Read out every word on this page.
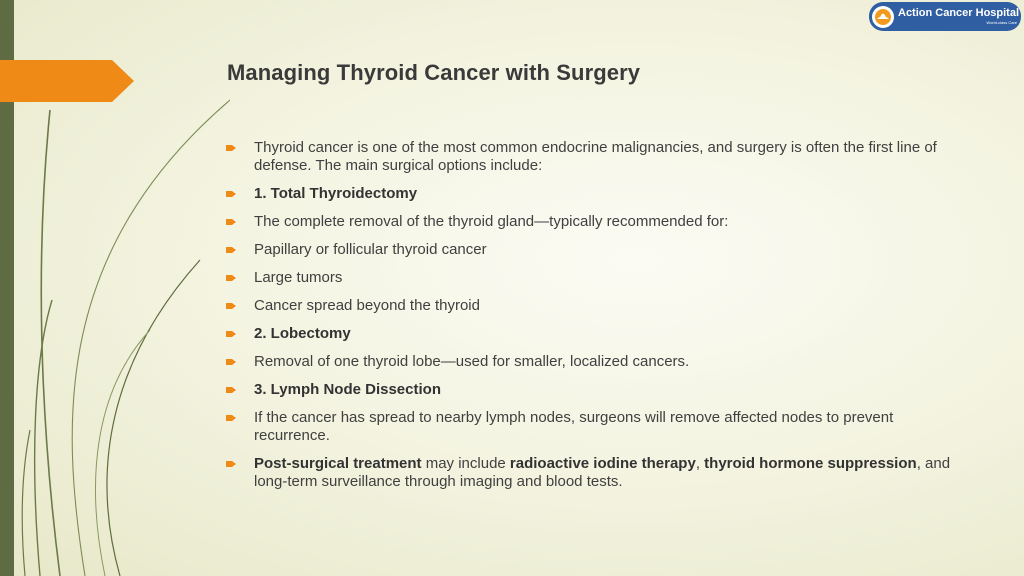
Action Cancer Hospital
World-class Care
Managing Thyroid Cancer with Surgery
Thyroid cancer is one of the most common endocrine malignancies, and surgery is often the first line of defense. The main surgical options include:
1. Total Thyroidectomy
The complete removal of the thyroid gland—typically recommended for:
Papillary or follicular thyroid cancer
Large tumors
Cancer spread beyond the thyroid
2. Lobectomy
Removal of one thyroid lobe—used for smaller, localized cancers.
3. Lymph Node Dissection
If the cancer has spread to nearby lymph nodes, surgeons will remove affected nodes to prevent recurrence.
Post-surgical treatment may include radioactive iodine therapy, thyroid hormone suppression, and long-term surveillance through imaging and blood tests.
